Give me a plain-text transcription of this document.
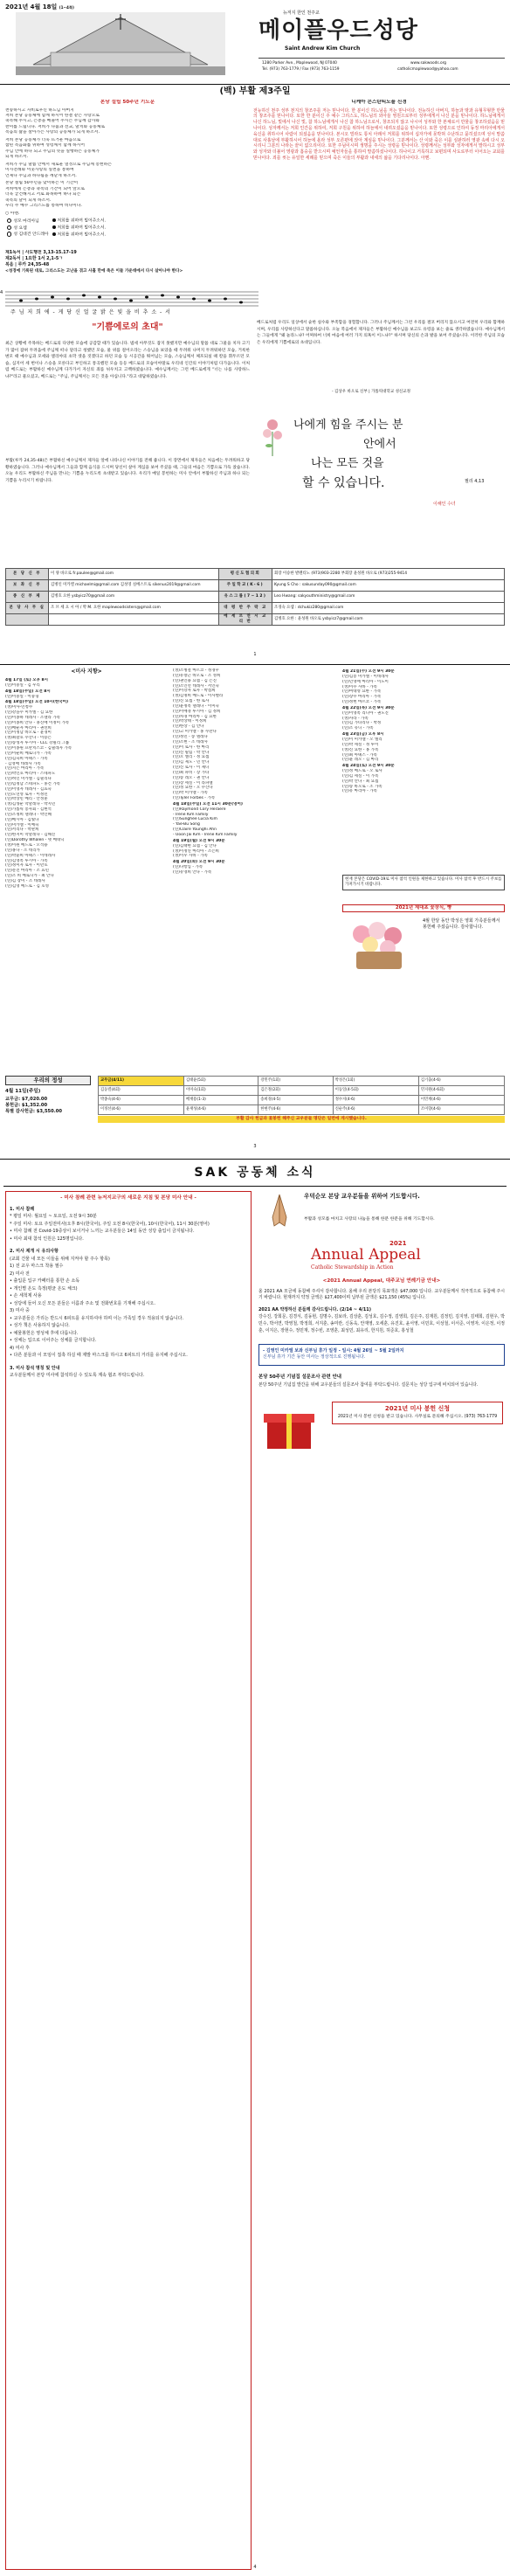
2021년 4월 18일 (1~4쪽)
뉴저지 한인 천주교
메이플우드성당
Saint Andrew Kim Church
1280 Parker Ave., Maplewood, NJ 07040	www.sakwoods.org
Tel. (973) 763-1779 / Fax (973) 763-1159	catholicmaplewood@yahoo.com
(백) 부활 제3주일
본당 설립 50주년 기도문
천송하시고 자비로우신 하느님 아버지
저희 본당 공동체에 함께 하시어 한결 같은 사랑으로
축복해 주시고, 은총을 베풀어 주시는 주님께 감사와
찬미를 드립니다. 저희가 나눔과 선교, 말치와 공동체로
복음의 삶을 살아가는 사랑의 공동체가 되게 하소서.
저희 본당 공동체가 더욱 뜨거운 마음으로
참된 복음화를 위하여 성령께서 함께 하시어
주님 안에 하나 되고 주님의 뜻을 실행하는 공동체가
되게 하소서.
저희가 주님 말씀 안에서 새로운 열정으로 주님께 봉헌하는
미사전례와 이웃사랑의 실천을 통하여
언제나 주님과 하나됨을 깨닫게 하소서.
본당 설립 50주년을 맞이하는 이 기간이
저희에게 은총과 축복의 기간이 되어 앞으로
더욱 굳건해지고 서로 화목하여 하나 되는
축복의 날이 되게 하소서.
우리 주 예수 그리스도를 통하여 비나이다.
○ 아멘.
성모 마리아님	저희를 위하여 빌어주소서.
성 요셉	저희를 위하여 빌어주소서.
성 김대건 안드레아	저희를 위하여 빌어주소서.
니케아 콘스탄티노플 신경
전능하신 천주 성부 천지의 창조주를 저는 믿나이다. 한 분이신 하느님을 저는 믿나이다. 전능하신 아버지, 하늘과 땅과 유형무형한 만물의 창조주를 믿나이다. 또한 한 분이신 주 예수 그리스도, 하느님의 외아들 영원으로부터 성부에게서 나신 분을 믿나이다. 하느님에게서 나신 하느님, 빛에서 나신 빛, 참 하느님에게서 나신 참 하느님으로서, 창조되지 않고 나시어 성부와 한 본체로서 만물을 창조하셨음을 믿나이다. 성자께서는 저희 인간을 위하여, 저희 구원을 위하여 하늘에서 내려오셨음을 믿나이다. 또한 성령으로 인하여 동정 마리아에게서 육신을 취하시어 사람이 되셨음을 믿나이다. 본시오 빌라도 통치 아래서 저희를 위하여 십자가에 못박혀 수난하고 묻히셨으며 성서 말씀대로 사흘날에 부활하시어 하늘에 올라 성부 오른편에 앉아 계심을 믿나이다. 그분께서는 산 이와 죽은 이를 심판하러 영광 속에 다시 오시리니 그분의 나라는 끝이 없으리이다. 또한 주님이시며 생명을 주시는 성령을 믿나이다. 성령께서는 성부와 성자에게서 발하시고 성부와 성자와 더불어 영광과 흠숭을 받으시며 예언자들을 통하여 말씀하셨나이다. 하나이고 거룩하고 보편되며 사도로부터 이어오는 교회를 믿나이다. 죄를 씻는 유일한 세례를 믿으며 죽은 이들의 부활과 내세의 삶을 기다리나이다. 아멘.
제1독서 | 사도행전 3,13-15.17-19
제2독서 | 1요한 1서 2,1-5ㄱ
복음 | 루카 24,35-48
<성경에 기록된 대로, 그리스도는 고난을 겪고 사흘 만에 죽은 이들 가운데에서 다시 살아나야 한다>
4
주 님 저 희 에 - 게 당 신 얼 굴 밝 은 빛 을 비 추 소 - 서
"기쁨에로의 초대"
최근 상황에 주목하는 베드로의 다양한 모습에 공감할 때가 있습니다. 범세 아무것도 잡지 못했지만 예수님의 말씀 대로 그물을 치자 고기가 많이 잡혀 두려움에 주님께 떠나 달라고 청했던 모습, 물 위를 걸어오라는 스승님을 보았을 때 두려워 나머지 두려워하던 모습, 거룩한 변모 때 예수님과 모세와 엘리야의 초막 셋을 짓겠다고 하던 모습 등 시공간을 뛰어넘는 모습, 스승님께서 체포되실 때 칼을 휘두르던 모습, 심지어 세 번이나 스승을 모른다고 부인하고 통곡했던 모습 등등 베드로의 모습이야말로 우리네 인간의 이야기처럼 다가옵니다. 이처럼 베드로는 부활하신 예수님께 다가가서 자신의 죄를 뉘우치고 고백하였습니다. 예수님께서는 그런 베드로에게 "너는 나를 사랑하느냐?"라고 물으셨고, 베드로는 "주님, 주님께서는 모든 것을 아십니다."라고 대답하였습니다.
부활(루카 24,35-48)은 부활하신 예수님께서 제자들 앞에 나타나신 이야기를 전해 줍니다. 이 장면에서 제자들은 처음에는 두려워하고 당황하였습니다. 그러나 예수님께서 그들과 함께 음식을 드시며 당신이 살아 계심을 보여 주셨을 때, 그들의 마음은 기쁨으로 가득 찼습니다. 오늘 우리도 부활하신 주님을 만나는 기쁨을 누리도록 초대받고 있습니다. 우리가 매일 봉헌하는 미사 안에서 부활하신 주님과 하나 되는 기쁨을 누리시기 바랍니다.
베드로처럼 우리도 일상에서 숱한 실수와 부족함을 경험합니다. 그러나 주님께서는 그런 우리를 결코 버리지 않으시고 여전히 우리와 함께하시며, 우리를 사랑하신다고 말씀하십니다. 오늘 복음에서 제자들은 부활하신 예수님을 보고도 유령을 보는 줄로 생각하였습니다. 예수님께서는 그들에게 "왜 놀라느냐? 어찌하여 너희 마음에 여러 가지 의혹이 이느냐?" 하시며 당신의 손과 발을 보여 주셨습니다. 이러한 주님의 모습은 우리에게 기쁨에로의 초대입니다.
- 김상우 바오로 신부 | 가톨릭대학교 성신교정
나에게 힘을 주시는 분
안에서
나는 모든 것을
할 수 있습니다.	필리 4,13
이해인 수녀
본 당 신 부	이 양 바오로 fr.paulee@gmail.com	평신도협의회	회장 이승한 발렌티노 (973)903-2280 부회장 윤성원 바오로 (973)255-9414
보 좌 신 부	김병인 미카엘 michaelmi@gmail.com 김성영 실베스트로 sikenus2019@gmail.com	주일학교(K-6)	Kyung S Cho : sakusunday090@gmail.com
종 신 부 제	김병호 요한 ysbyicz70@gmail.com	유스그룹(7~12)	Leo Hwang: sakyouthministry@gmail.com
본 당 사 무 실	조 브 세 요 시 아 / 박 M. 요한 maplewoodsisters@gmail.com	대 평 반 주 락 교	조경숙 요셉 : dchukiz280@gmail.com
		에 세 르 연 시 교 리 반	김병호 요한 : 윤성원 바오로 ysbyicz7@gmail.com
1
<미사 지향>
4월 17일 (토) 오후 8시
(연)이중일 - 김 우리
4월 18일(주일) 오전 8시
(연)이중일 - 이중형
4월 18일(주일) 오전 10시(한국어)
(생)미사-민청수
(연)강을수 미카엘 - 김 요한
(연)이종하 데레사 - 조헬라 가족
(연)이종희 안나 - 홍신애 이정미 가족
(연)배순자 마리아 - 권선희
(연)이정남 바오로 - 윤경미
(생)최갈호 수산나 - 이승은
(연)송성자 루시아 - CLC 강필리 그룹
(연)이종원 프란치스코 - 김필레자 가족
(연)이순희 베로니카 - 가족
(연)김숙희 아녜스 - 가족
- 김영애 데레사 가족
(연)지은 마리아 - 가족
(연)박인호 마리아 - 스테파노
(연)허인 미카엘 - 김필리다
(연)임정남 스테파노 - 홍건 가족
(연)이영자 데레사 - 김효숙
(연)노연영 로사 - 이정민
(연)박상민 메리 - 안성훈
(생)김성순 막달레나 - 박지민
(연)가톨릭 봉사회 - 김현석
(연)조정희 헬레나 - 박인혜
(연)메시아 - 김빛나
(연)미카엘 - 이예숙
(연)서리나 - 박관희
(연)한지미 막달레나 - 김해진
(연)Dorothy Whalen - 넷 베네딕
(생)이원 베드로 - 오석용
(연)홍나 - 소 데리카
(연)박윤희 아녜스 - 이데레사
(연)김영옥 루시아 - 가족
(연)정미자 로사 - 이만호
(연)문진 마리아 - 소 효민
(연)조 희 베로니카 - 최 안나
(연)김 장미 - 조 데레사
(연)김영 베드로 - 김 호영
(생)조병철 마르코 - 정경우
(연)유창근 바오로 - 조 성희
(연)권인용 요셉 - 김 은진
(연)조인선 데레사 - 서인숙
(연)이강자 로사 - 박점희
(생)김명희 베드로 - 이사벨라
(연)신 요셉 - 한 로사
(연)윤정옥 헬레나 - 이미숙
(연)이애경 루시아 - 김 정희
(연)차경 마리아 - 김 요한
(연)박상태 - 이정희
(연)한상 - 김 안나
(연)고 미카엘 - 홍 수잔나
(연)정민 - 송 헬레나
(연)조현 - 조 데레사
(연)이 로사 - 한 마리
(연)신 필립 - 박 안나
(연)오 엘리 - 정 요셉
(연)김 제노 - 민 안나
(연)신 로사 - 이 제니
(연)최 파비 - 장 가타
(연)송 레오 - 권 안나
(연)장 세실 - 이 라파엘
(연)성 요한 - 오 수산나
(연)박 미카엘 - 가족
(연)Tyler Forbes - 가족
4월 18일(주일) 오전 11시 30분(영어)
(연)Raymond Cory Heraere
- Irene Kim Family
(연)Sunghee Lucia Kim
- Yae-Bu Song
(연)Claire Younghi Ahn
- Uoon Jai Kim - Irene Kim Family
4월 19일(월) 오전 9시 30분
(연)김태현 요셉 - 김 안나
(생)이정연 마리아 - 조은희
(생)이우 사바 - 가족
4월 20일(화) 오전 9시 30분
(연)나항심 - 가족
(연)유영희 안나 - 가족
4월 21일(수) 오전 9시 30분
(연)김봉 미카엘 - 이데레사
(연)인영애 마리아 - 이도이
(생)이수 사바 - 가족
(연)여대영 요한 - 가족
(연)장수 마리아 - 가족
(연)정현 마르코 - 가족
4월 22일(목) 오전 9시 30분
(연)이영옥 리디아 - 권노진
(생)사라 - 가족
(연)김 가타리나 - 박정
(연)조 유니 - 가족
4월 23일(금) 오후 8시
(연)이 미카엘 - 오 엘리
(연)박 세실 - 정 루이
(생)신 요한 - 홍 가족
(연)최 아녜스 - 가족
(연)윤 레오 - 김 마리
4월 24일(토) 오전 9시 30분
(연)정 베드로 - 오 로사
(연)김 세실 - 이 가족
(연)박 안나 - 최 요셉
(연)송 바오로 - 조 가족
(연)유 마리아 - 가족
현재 본당은 COVID-19로 미사 참석 인원을 제한하고 있습니다. 미사 참석 후 반드시 주보를 가져가시기 바랍니다.
2021년 제대초 꽃장식, 빵
4월 한달 동안 박성은 영회 가족분들께서 봉헌해 주셨습니다. 감사합니다.
우리의 정성
4월 11일(주일)
교무금: $7,020.00
봉헌금: $1,352.00
특별 감사헌금: $3,550.00
교무금(4/11)	김태윤(5회)	강민주(1회)	박성은(1회)	김기출(4-6)
김동렬(4회)	이미숙(1회)	김은정(2회)	이동일(4-5회)	민지원(4-6회)
박종숙(4-6)	배재용(1-3)	송희경(4-5)	정수지(4-6)	이민재(4-6)
이정선(4-6)	윤재성(4-6)	한현주(4-6)	신순주(4-6)	조미향(4-6)
부활 감사 헌금과 꽃봉헌 해주신 교우분들 명단은 일련에 게시했습니다.
3
SAK 공동체 소식
- 미사 참례 관련 뉴저지교구의 새로운 지침 및 본당 미사 안내 -
1. 미사 참례
* 평일 미사: 월요일 ~ 토요일, 오전 9시 30분
* 주일 미사: 토요 주일전미사(오후 8시(한국어), 주일 오전 8시(한국어), 10시(한국어), 11시 30분(영어)
• 미사 참례 전 Covid-19증상이 보이거나 느끼는 교우분들은 14일 동안 성당 출입이 금지됩니다.
• 미사 최대 참석 인원은 125명입니다.
2. 미사 제개 시 유의사항
(교회 건물 내 모든 이들을 위해 지켜야 할 주수 항목)
1) 전 교우 마스크 착용 필수
2) 미사 전
• 출입문 입구 카페터를 통한 손 소독
• 개인별 온도 측정(평균 온도 체크)
• 손 세척제 사용
• 성당에 들어 오신 모든 분들은 이름과 주소 및 전화번호를 기재해 주십시오.
3) 미사 중
• 교우분들은 가리는 반드시 6피트를 유지하셔야 하며 이는 가족일 경우 적용되지 않습니다.
• 성가 책은 사용하지 않습니다.
• 예물봉헌은 영성체 후에 다릅니다.
• 성체는 입으로 이어주는 성체를 금지합니다.
4) 미사 후
• 다른 분들과 이 모임이 접촉 하실 때 제발 마스크를 하시고 6피트의 거리를 유지해 주십시오.
3. 미사 참석 명칭 및 안내
교우분들께서 본당 미사에 참석하실 수 있도록 계속 협조 부탁드립니다.
우덕순모 본당 교우분들을 위하여 기도합시다.
부활과 성모를 마치고 사랑의 나눔을 통해 한분 한분을 위해 기도합시다.
2021
Annual Appeal
Catholic Stewardship in Action
<2021 Annual Appeal, 대주교님 연례기금 안내>
올 2021 AA 모금에 동참해 주셔서 감사합니다. 올해 우리 본당의 목표액은 $47,000 입니다. 교우분들께서 적극적으로 동참해 주시기 바랍니다. 현재까지 약정 금액은 $27,400이며 납부된 금액은 $21,150 (45%) 입니다.
2021 AA 약정하신 분들께 감사드립니다. (2/14 ~ 4/11)
강수진, 강희문, 김경식, 김동현, 김명수, 김보라, 김상훈, 김성호, 김수정, 김영희, 김은주, 김재원, 김정민, 김지영, 김태희, 김현우, 박민수, 박서연, 박영철, 박정희, 서지훈, 송미란, 신동욱, 안재영, 오세훈, 유진호, 윤서영, 이민호, 이상철, 이서준, 이영자, 이은정, 이정훈, 이지은, 장현수, 정민재, 정수빈, 조영훈, 최성민, 최유리, 한지원, 허준호, 홍성철
- 김영인 미카엘 보좌 신부님 휴가 일정 - 일시: 4월 26일 ~ 5월 2일까지
신부님 휴가 기간 동안 미사는 정상적으로 진행됩니다.
본당 50주년 기념집 설문조사 관련 안내
본당 50주년 기념집 발간을 위해 교우분들의 설문조사 참여를 부탁드립니다. 설문지는 성당 입구에 비치되어 있습니다.
2021년 미사 봉헌 신청
2021년 미사 봉헌 신청을 받고 있습니다. 사무실로 문의해 주십시오. (973) 763-1779
4
